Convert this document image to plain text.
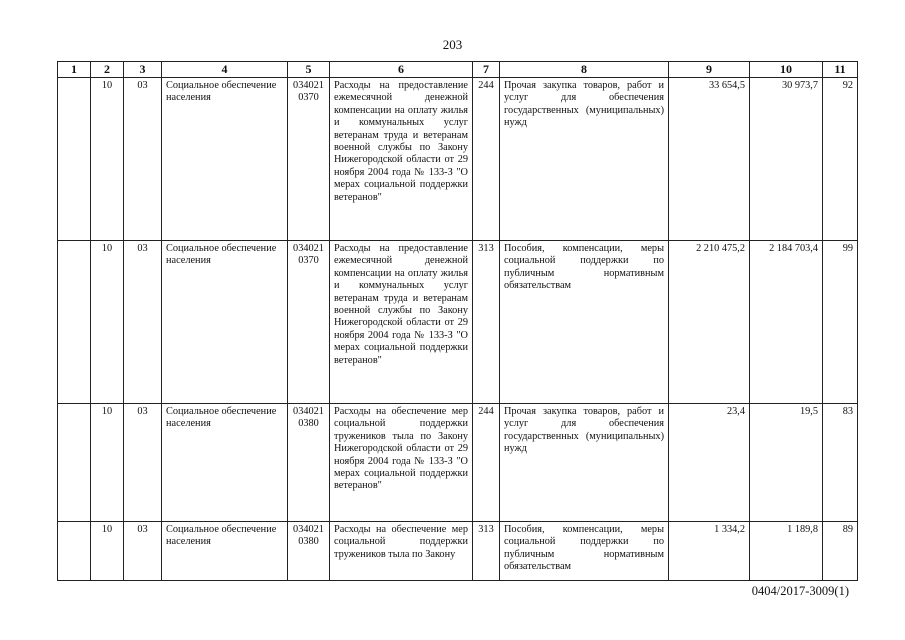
203
1	2	3	4	5	6	7	8	9	10	11
	10	03	Социальное обеспечение населения	034021 0370	Расходы на предоставление ежемесячной денежной компенсации на оплату жилья и коммунальных услуг ветеранам труда и ветеранам военной службы по Закону Нижегородской области от 29 ноября 2004 года № 133-З "О мерах социальной поддержки ветеранов"	244	Прочая закупка товаров, работ и услуг для обеспечения государственных (муниципальных) нужд	33 654,5	30 973,7	92
	10	03	Социальное обеспечение населения	034021 0370	Расходы на предоставление ежемесячной денежной компенсации на оплату жилья и коммунальных услуг ветеранам труда и ветеранам военной службы по Закону Нижегородской области от 29 ноября 2004 года № 133-З "О мерах социальной поддержки ветеранов"	313	Пособия, компенсации, меры социальной поддержки по публичным нормативным обязательствам	2 210 475,2	2 184 703,4	99
	10	03	Социальное обеспечение населения	034021 0380	Расходы на обеспечение мер социальной поддержки тружеников тыла по Закону Нижегородской области от 29 ноября 2004 года № 133-З "О мерах социальной поддержки ветеранов"	244	Прочая закупка товаров, работ и услуг для обеспечения государственных (муниципальных) нужд	23,4	19,5	83
	10	03	Социальное обеспечение населения	034021 0380	Расходы на обеспечение мер социальной поддержки тружеников тыла по Закону	313	Пособия, компенсации, меры социальной поддержки по публичным нормативным обязательствам	1 334,2	1 189,8	89
0404/2017-3009(1)
